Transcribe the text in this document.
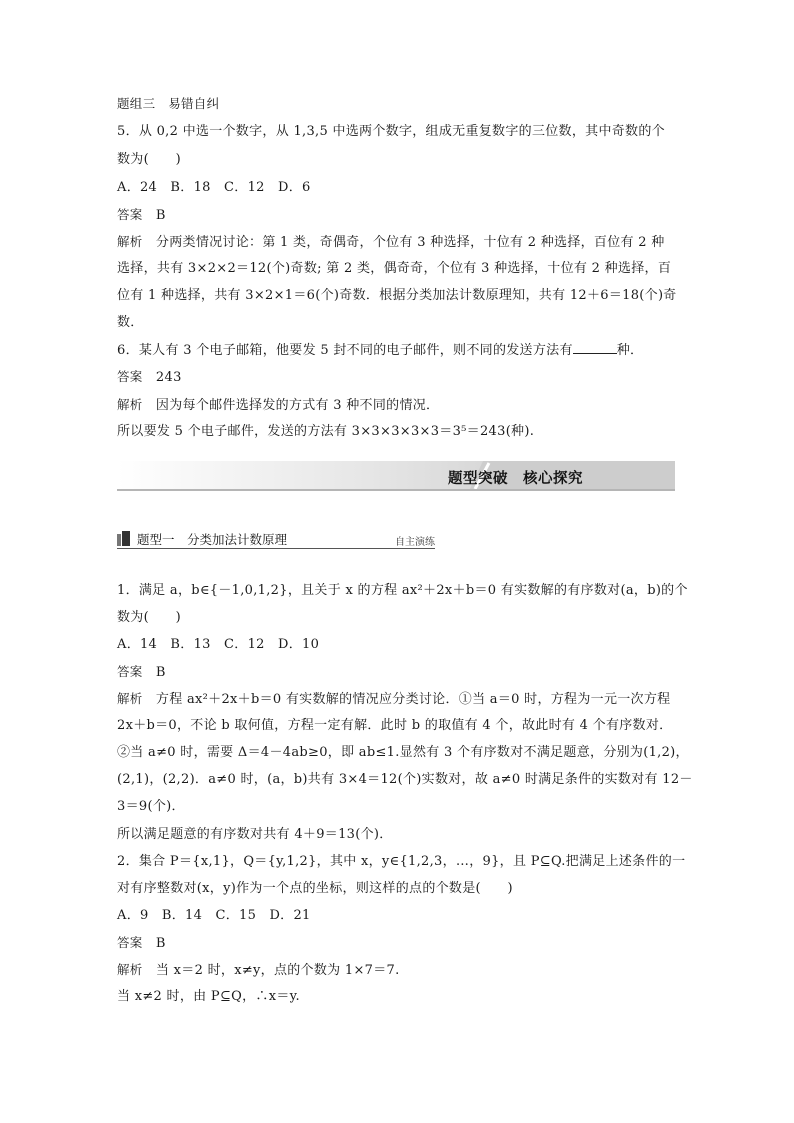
题组三　易错自纠
5．从 0,2 中选一个数字，从 1,3,5 中选两个数字，组成无重复数字的三位数，其中奇数的个
数为(　　)
A．24　B．18　C．12　D．6
答案　 B
解析　 分两类情况讨论：第 1 类，奇偶奇，个位有 3 种选择，十位有 2 种选择，百位有 2 种
选择，共有 3×2×2＝12(个)奇数; 第 2 类，偶奇奇，个位有 3 种选择，十位有 2 种选择，百
位有 1 种选择，共有 3×2×1＝6(个)奇数．根据分类加法计数原理知，共有 12＋6＝18(个)奇
数．
6．某人有 3 个电子邮箱，他要发 5 封不同的电子邮件，则不同的发送方法有	种．
答案　 243
解析　 因为每个邮件选择发的方式有 3 种不同的情况．
所以要发 5 个电子邮件，发送的方法有 3×3×3×3×3＝3⁵＝243(种).
题型突破　核心探究
题型一　分类加法计数原理	自主演练
1．满足 a，b∈{－1,0,1,2}，且关于 x 的方程 ax²＋2x＋b＝0 有实数解的有序数对(a，b)的个
数为(　　)
A．14　B．13　C．12　D．10
答案　 B
解析　 方程 ax²＋2x＋b＝0 有实数解的情况应分类讨论．①当 a＝0 时，方程为一元一次方程
2x＋b＝0，不论 b 取何值，方程一定有解．此时 b 的取值有 4 个，故此时有 4 个有序数对．
②当 a≠0 时，需要 Δ＝4－4ab≥0，即 ab≤1.显然有 3 个有序数对不满足题意，分别为(1,2)，
(2,1)，(2,2)．a≠0 时，(a，b)共有 3×4＝12(个)实数对，故 a≠0 时满足条件的实数对有 12－
3＝9(个)．
所以满足题意的有序数对共有 4＋9＝13(个)．
2．集合 P＝{x,1}，Q＝{y,1,2}，其中 x，y∈{1,2,3，…，9}，且 P⊆Q.把满足上述条件的一
对有序整数对(x，y)作为一个点的坐标，则这样的点的个数是(　　)
A．9　B．14　C．15　D．21
答案　 B
解析　 当 x＝2 时，x≠y，点的个数为 1×7＝7.
当 x≠2 时，由 P⊆Q，∴x＝y.
